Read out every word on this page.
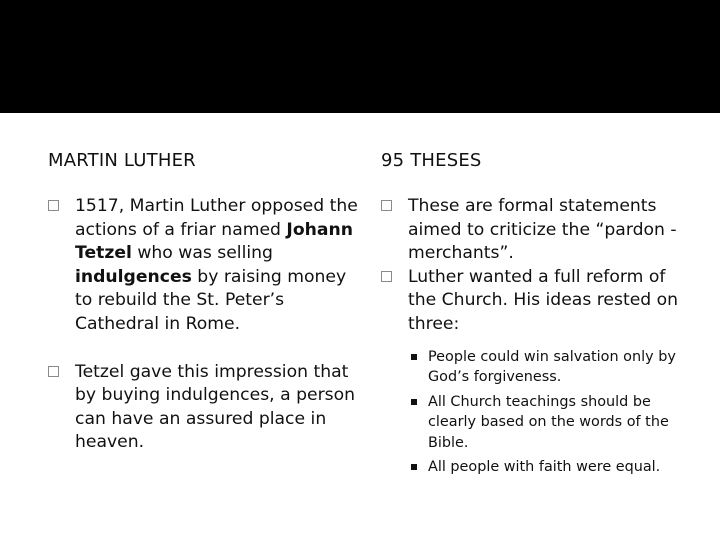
MARTIN LUTHER
1517, Martin Luther opposed the actions of a friar named Johann Tetzel who was selling indulgences by raising money to rebuild the St. Peter’s Cathedral in Rome.
Tetzel gave this impression that by buying indulgences, a person can have an assured place in heaven.
95 THESES
These are formal statements aimed to criticize the “pardon -merchants”.
Luther wanted a full reform of the Church. His ideas rested on three:
People could win salvation only by God’s forgiveness.
All Church teachings should be clearly based on the words of the Bible.
All people with faith were equal.
